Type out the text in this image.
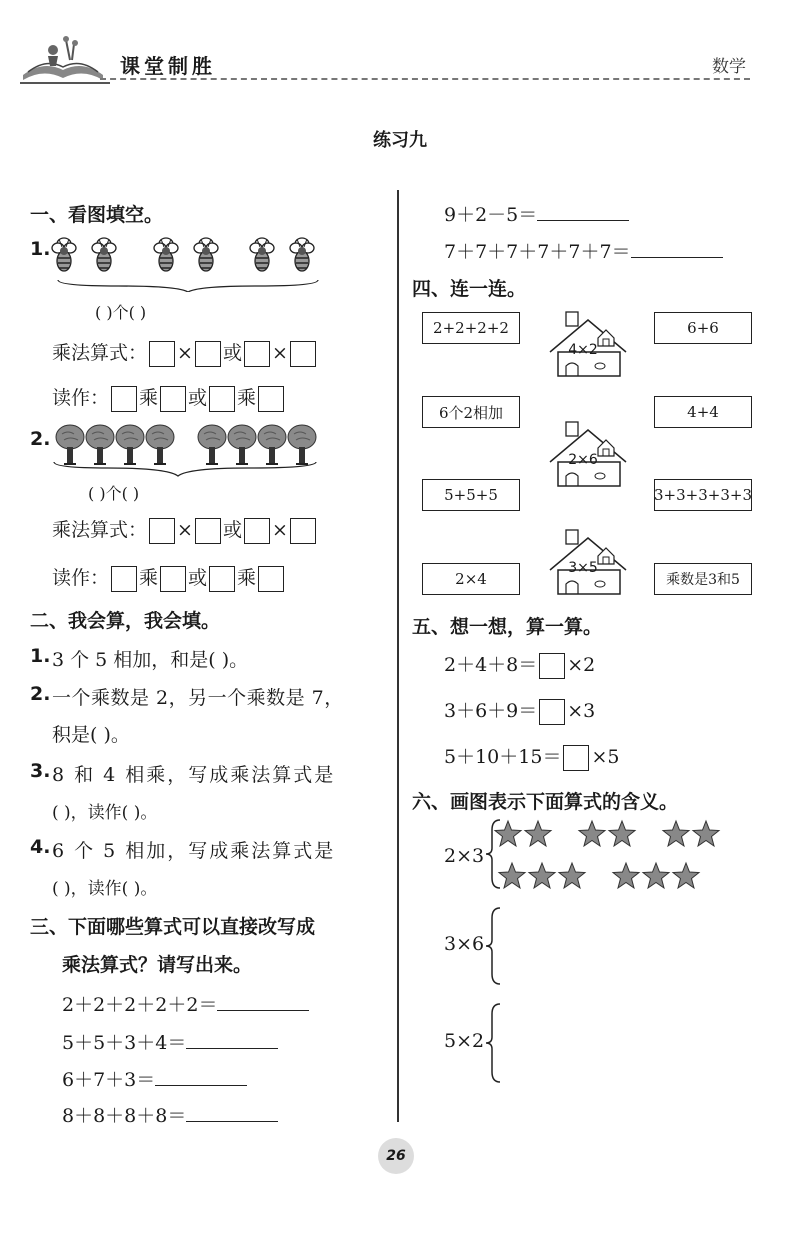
课堂制胜	数学
练习九
一、看图填空。
1.
( )个( )
乘法算式： × 或 ×
读作： 乘 或 乘
2.
( )个( )
乘法算式： × 或 ×
读作： 乘 或 乘
二、我会算，我会填。
1. 3 个 5 相加，和是( )。
2. 一个乘数是 2，另一个乘数是 7，
积是( )。
3. 8 和 4 相乘，写成乘法算式是
( )，读作( )。
4. 6 个 5 相加，写成乘法算式是
( )，读作( )。
三、下面哪些算式可以直接改写成
乘法算式？请写出来。
2＋2＋2＋2＋2＝
5＋5＋3＋4＝
6＋7＋3＝
8＋8＋8＋8＝
9＋2－5＝
7＋7＋7＋7＋7＋7＝
四、连一连。
2+2+2+2
6个2相加
5+5+5
2×4
6+6
4+4
3+3+3+3+3
乘数是3和5
4×2
2×6
3×5
五、想一想，算一算。
2＋4＋8＝ ×2
3＋6＋9＝ ×3
5＋10＋15＝ ×5
六、画图表示下面算式的含义。
2×3
3×6
5×2
26
